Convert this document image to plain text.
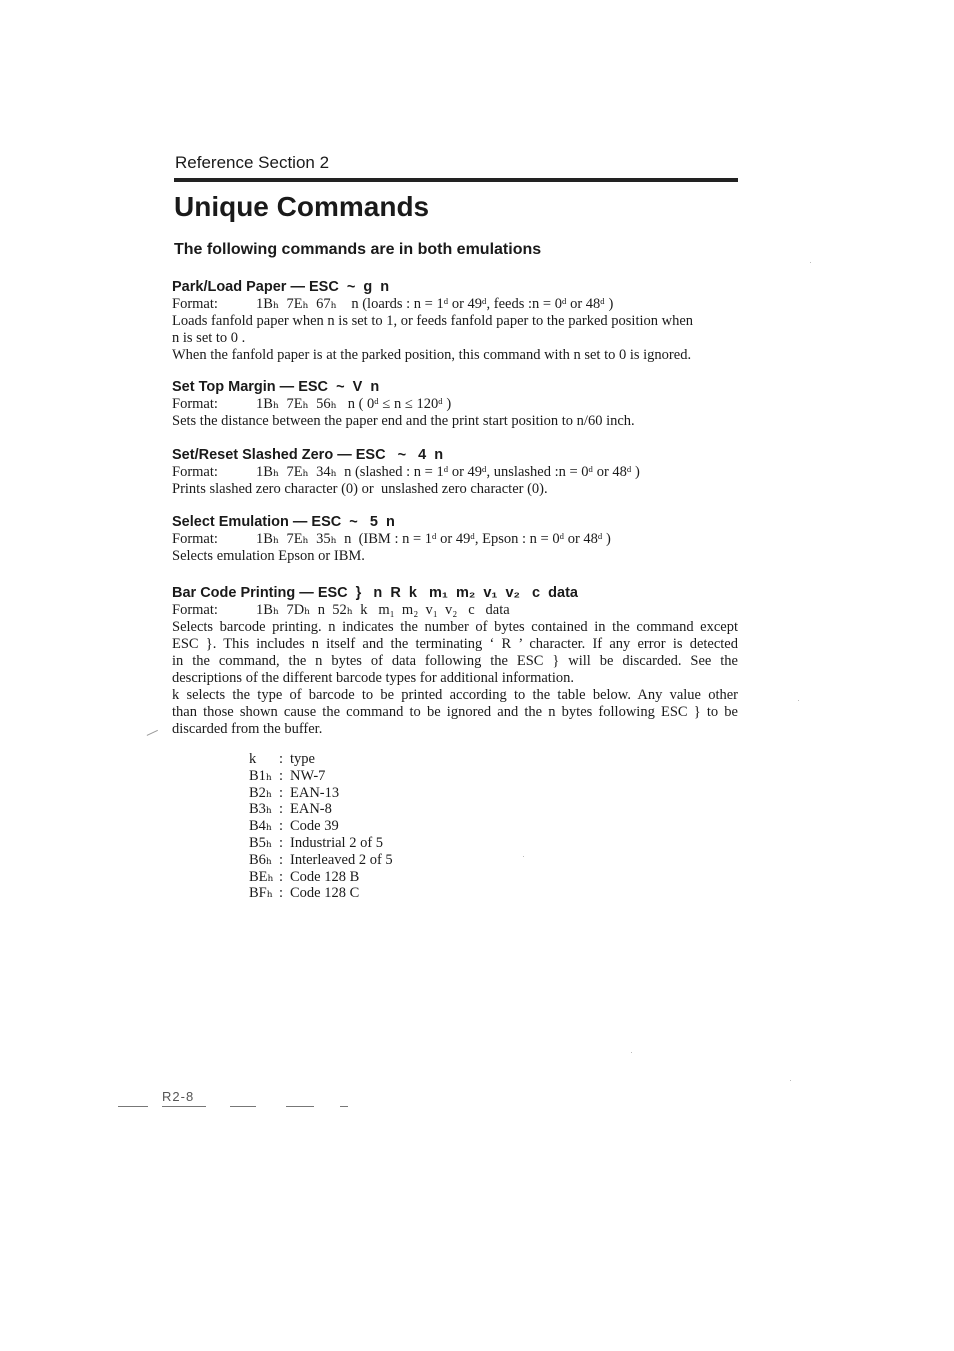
Reference Section 2
Unique Commands
The following commands are in both emulations
Park/Load Paper — ESC  ~  g  n
Format:	1Bₕ  7Eₕ  67ₕ    n (loards : n = 1ᵈ or 49ᵈ, feeds :n = 0ᵈ or 48ᵈ )
Loads fanfold paper when n is set to 1, or feeds fanfold paper to the parked position when
n is set to 0 .
When the fanfold paper is at the parked position, this command with n set to 0 is ignored.
Set Top Margin — ESC  ~  V  n
Format:	1Bₕ  7Eₕ  56ₕ   n ( 0ᵈ ≤ n ≤ 120ᵈ )
Sets the distance between the paper end and the print start position to n/60 inch.
Set/Reset Slashed Zero — ESC   ~   4  n
Format:	1Bₕ  7Eₕ  34ₕ  n (slashed : n = 1ᵈ or 49ᵈ, unslashed :n = 0ᵈ or 48ᵈ )
Prints slashed zero character (0) or  unslashed zero character (0).
Select Emulation — ESC  ~   5  n
Format:	1Bₕ  7Eₕ  35ₕ  n  (IBM : n = 1ᵈ or 49ᵈ, Epson : n = 0ᵈ or 48ᵈ )
Selects emulation Epson or IBM.
Bar Code Printing — ESC  }   n  R  k   m₁  m₂  v₁  v₂   c  data
Format:	1Bₕ  7Dₕ  n  52ₕ  k   m₁  m₂  v₁  v₂   c   data
Selects barcode printing. n indicates the number of bytes contained in the command except
ESC }. This includes n itself and the terminating ‘ R ’ character. If any error is detected
in the command, the n bytes of data following the ESC } will be discarded. See the
descriptions of the different barcode types for additional information.
k selects the type of barcode to be printed according to the table below. Any value other
than those shown cause the command to be ignored and the n bytes following ESC } to be
discarded from the buffer.
k	: type
B1ₕ : NW-7
B2ₕ : EAN-13
B3ₕ : EAN-8
B4ₕ : Code 39
B5ₕ : Industrial 2 of 5
B6ₕ : Interleaved 2 of 5
BEₕ : Code 128 B
BFₕ : Code 128 C
R2-8
